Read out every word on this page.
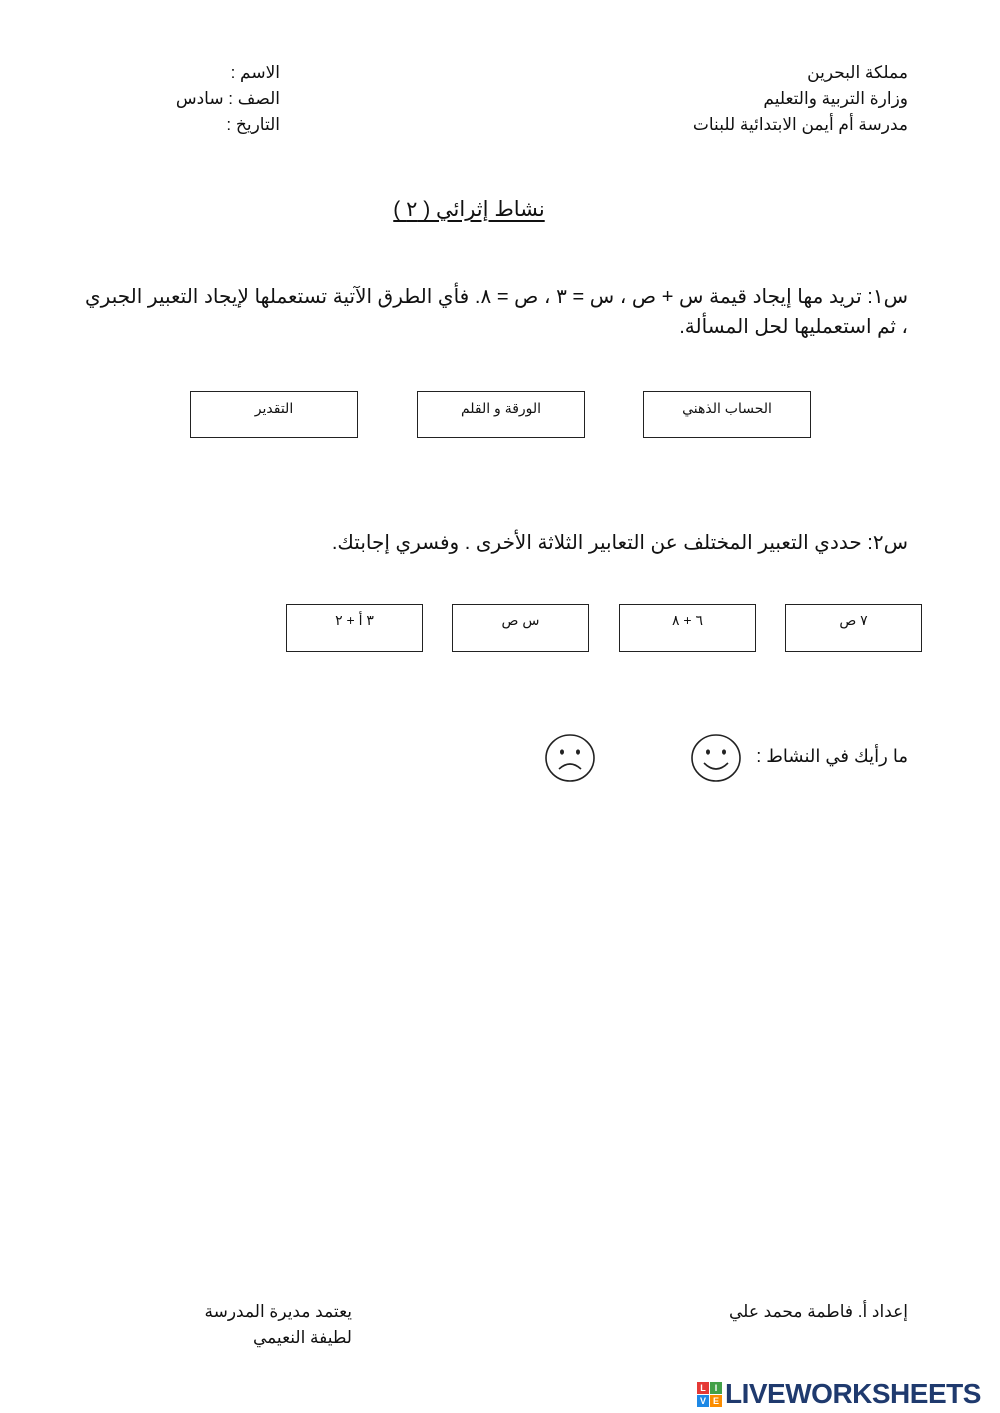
مملكة البحرين
وزارة التربية والتعليم
مدرسة أم أيمن الابتدائية للبنات
الاسم :
الصف : سادس
التاريخ :
نشاط إثرائي ( ٢ )
س١: تريد مها إيجاد قيمة س + ص ، س = ٣ ، ص = ٨. فأي الطرق الآتية تستعملها لإيجاد التعبير الجبري ، ثم استعمليها لحل المسألة.
الحساب الذهني
الورقة و القلم
التقدير
س٢: حددي التعبير المختلف عن التعابير الثلاثة الأخرى . وفسري إجابتك.
٧ ص
٦ + ٨
س ص
٣ أ + ٢
ما رأيك في النشاط :
إعداد أ. فاطمة محمد علي
يعتمد مديرة المدرسة
لطيفة النعيمي
L I
V E LIVEWORKSHEETS
